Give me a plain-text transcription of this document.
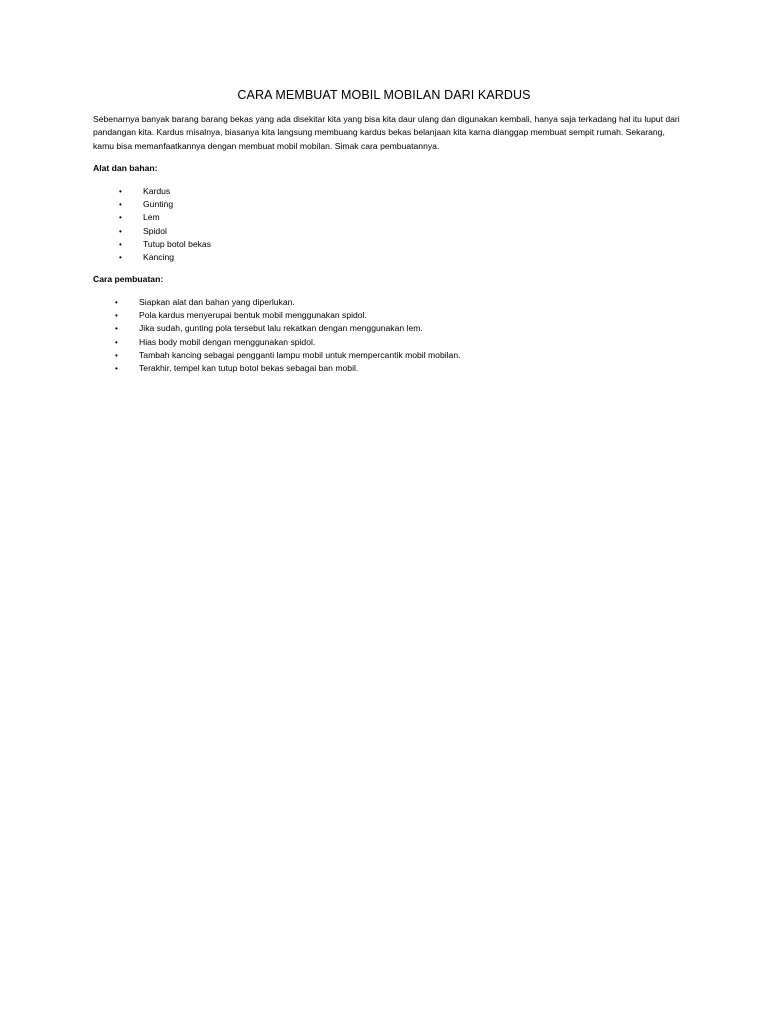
CARA MEMBUAT MOBIL MOBILAN DARI KARDUS

Sebenarnya banyak barang barang bekas yang ada disekitar kita yang bisa kita daur ulang dan digunakan kembali, hanya saja terkadang hal itu luput dari pandangan kita. Kardus misalnya, biasanya kita langsung membuang kardus bekas belanjaan kita karna dianggap membuat sempit rumah. Sekarang, kamu bisa memanfaatkannya dengan membuat mobil mobilan. Simak cara pembuatannya.

Alat dan bahan:

• Kardus
• Gunting
• Lem
• Spidol
• Tutup botol bekas
• Kancing

Cara pembuatan:

• Siapkan alat dan bahan yang diperlukan.
• Pola kardus menyerupai bentuk mobil menggunakan spidol.
• Jika sudah, gunting pola tersebut lalu rekatkan dengan menggunakan lem.
• Hias body mobil dengan menggunakan spidol.
• Tambah kancing sebagai pengganti lampu mobil untuk mempercantik mobil mobilan.
• Terakhir, tempel kan tutup botol bekas sebagai ban mobil.
